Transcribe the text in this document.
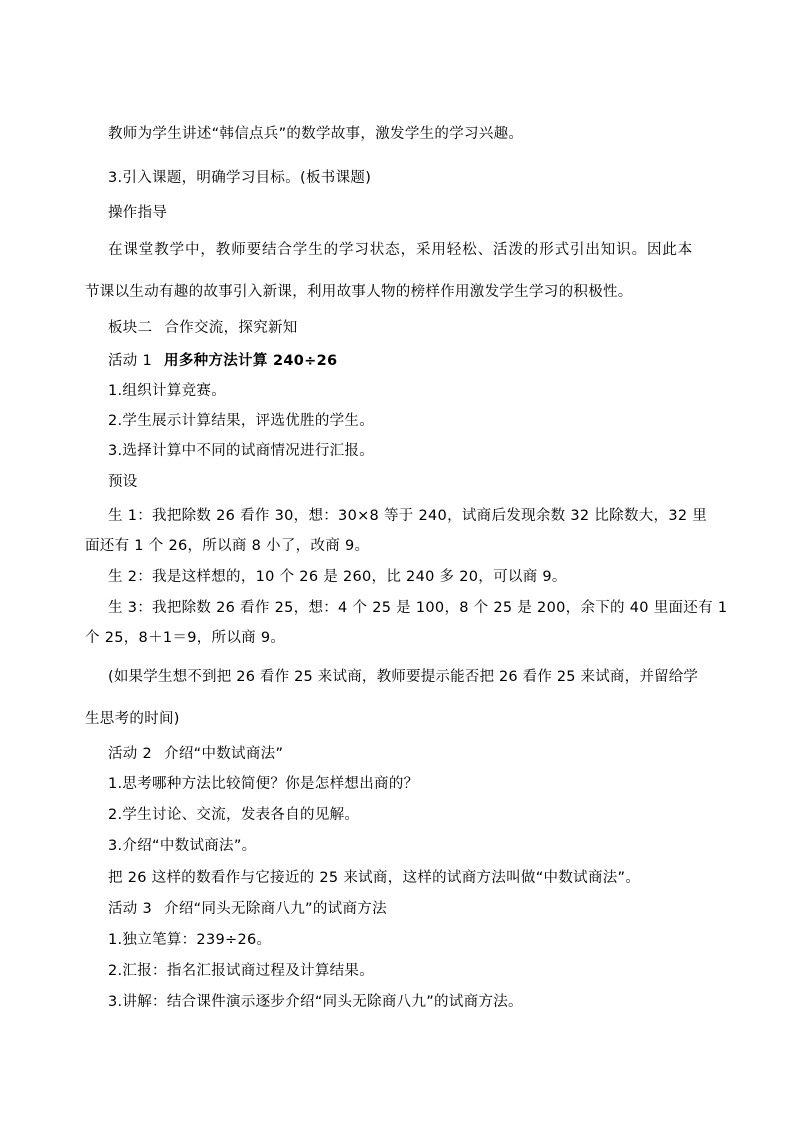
教师为学生讲述“韩信点兵”的数学故事，激发学生的学习兴趣。
3.引入课题，明确学习目标。(板书课题)
操作指导
在课堂教学中，教师要结合学生的学习状态，采用轻松、活泼的形式引出知识。因此本
节课以生动有趣的故事引入新课，利用故事人物的榜样作用激发学生学习的积极性。
板块二 合作交流，探究新知
活动 1 用多种方法计算 240÷26
1.组织计算竞赛。
2.学生展示计算结果，评选优胜的学生。
3.选择计算中不同的试商情况进行汇报。
预设
生 1：我把除数 26 看作 30，想：30×8 等于 240，试商后发现余数 32 比除数大，32 里
面还有 1 个 26，所以商 8 小了，改商 9。
生 2：我是这样想的，10 个 26 是 260，比 240 多 20，可以商 9。
生 3：我把除数 26 看作 25，想：4 个 25 是 100，8 个 25 是 200，余下的 40 里面还有 1
个 25，8＋1＝9，所以商 9。
(如果学生想不到把 26 看作 25 来试商，教师要提示能否把 26 看作 25 来试商，并留给学
生思考的时间)
活动 2 介绍“中数试商法”
1.思考哪种方法比较简便？你是怎样想出商的？
2.学生讨论、交流，发表各自的见解。
3.介绍“中数试商法”。
把 26 这样的数看作与它接近的 25 来试商，这样的试商方法叫做“中数试商法”。
活动 3 介绍“同头无除商八九”的试商方法
1.独立笔算：239÷26。
2.汇报：指名汇报试商过程及计算结果。
3.讲解：结合课件演示逐步介绍“同头无除商八九”的试商方法。
